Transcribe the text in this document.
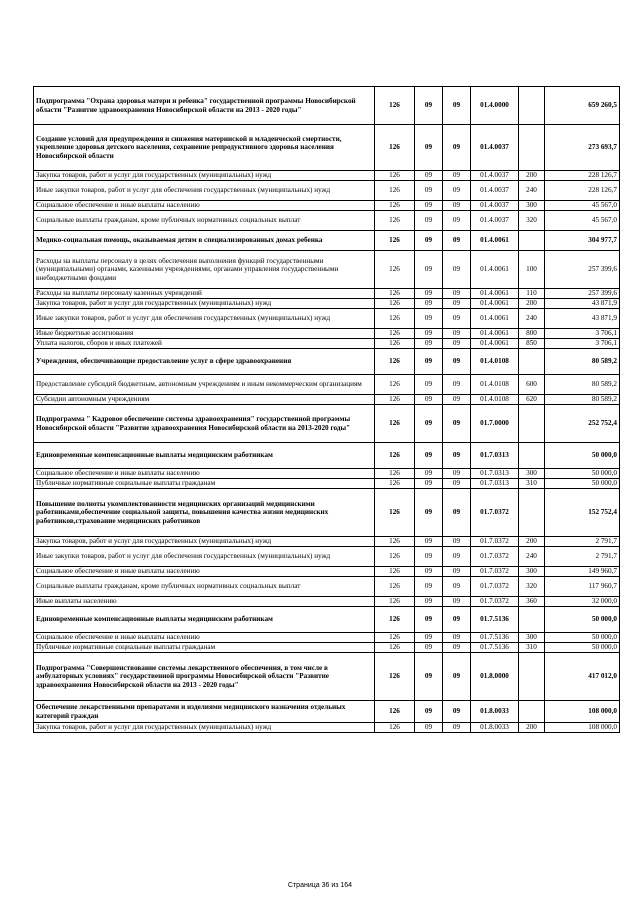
Подпрограмма "Охрана здоровья матери и ребенка" государственной программы Новосибирской области "Развитие здравоохранения Новосибирской области на 2013 - 2020 годы"	126	09	09	01.4.0000		659 260,5
Создание условий для предупреждения и снижения материнской и младенческой смертности, укрепление здоровья детского населения, сохранение репродуктивного здоровья населения Новосибирской области	126	09	09	01.4.0037		273 693,7
Закупка товаров, работ и услуг для государственных (муниципальных) нужд	126	09	09	01.4.0037	200	228 126,7
Иные закупки товаров, работ и услуг для обеспечения государственных (муниципальных) нужд	126	09	09	01.4.0037	240	228 126,7
Социальное обеспечение и иные выплаты населению	126	09	09	01.4.0037	300	45 567,0
Социальные выплаты гражданам, кроме публичных нормативных социальных выплат	126	09	09	01.4.0037	320	45 567,0
Медико-социальная помощь, оказываемая детям в специализированных домах ребенка	126	09	09	01.4.0061		304 977,7
Расходы на выплаты персоналу в целях обеспечения выполнения функций государственными (муниципальными) органами, казенными учреждениями, органами управления государственными внебюджетными фондами	126	09	09	01.4.0061	100	257 399,6
Расходы на выплаты персоналу казенных учреждений	126	09	09	01.4.0061	110	257 399,6
Закупка товаров, работ и услуг для государственных (муниципальных) нужд	126	09	09	01.4.0061	200	43 871,9
Иные закупки товаров, работ и услуг для обеспечения государственных (муниципальных) нужд	126	09	09	01.4.0061	240	43 871,9
Иные бюджетные ассигнования	126	09	09	01.4.0061	800	3 706,1
Уплата налогов, сборов и иных платежей	126	09	09	01.4.0061	850	3 706,1
Учреждения, обеспечивающие предоставление услуг в сфере здравоохранения	126	09	09	01.4.0108		80 589,2
Предоставление субсидий бюджетным, автономным учреждениям и иным некоммерческим организациям	126	09	09	01.4.0108	600	80 589,2
Субсидии автономным учреждениям	126	09	09	01.4.0108	620	80 589,2
Подпрограмма " Кадровое обеспечение системы здравоохранения" государственной программы Новосибирской области "Развитие здравоохранения Новосибирской области на 2013-2020 годы"	126	09	09	01.7.0000		252 752,4
Единовременные компенсационные выплаты медицинским работникам	126	09	09	01.7.0313		50 000,0
Социальное обеспечение и иные выплаты населению	126	09	09	01.7.0313	300	50 000,0
Публичные нормативные социальные выплаты гражданам	126	09	09	01.7.0313	310	50 000,0
Повышение полноты укомплектованности медицинских организаций медицинскими работниками,обеспечение социальной защиты, повышения качества жизни медицинских работников,страхование медицинских работников	126	09	09	01.7.0372		152 752,4
Закупка товаров, работ и услуг для государственных (муниципальных) нужд	126	09	09	01.7.0372	200	2 791,7
Иные закупки товаров, работ и услуг для обеспечения государственных (муниципальных) нужд	126	09	09	01.7.0372	240	2 791,7
Социальное обеспечение и иные выплаты населению	126	09	09	01.7.0372	300	149 960,7
Социальные выплаты гражданам, кроме публичных нормативных социальных выплат	126	09	09	01.7.0372	320	117 960,7
Иные выплаты населению	126	09	09	01.7.0372	360	32 000,0
Единовременные компенсационные выплаты медицинским работникам	126	09	09	01.7.5136		50 000,0
Социальное обеспечение и иные выплаты населению	126	09	09	01.7.5136	300	50 000,0
Публичные нормативные социальные выплаты гражданам	126	09	09	01.7.5136	310	50 000,0
Подпрограмма "Совершенствование системы лекарственного обеспечения, в том числе в амбулаторных условиях" государственной программы Новосибирской области "Развитие здравоохранения Новосибирской области на 2013 - 2020 годы"	126	09	09	01.8.0000		417 012,0
Обеспечение лекарственными препаратами и изделиями медицинского назначения отдельных категорий граждан	126	09	09	01.8.0033		108 000,0
Закупка товаров, работ и услуг для государственных (муниципальных) нужд	126	09	09	01.8.0033	200	108 000,0
Страница 36 из 164
